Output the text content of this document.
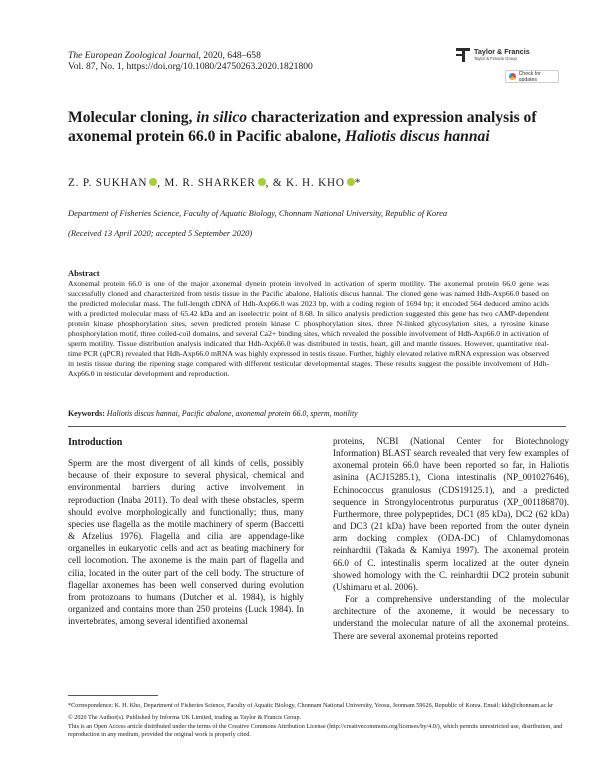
The European Zoological Journal, 2020, 648–658
Vol. 87, No. 1, https://doi.org/10.1080/24750263.2020.1821800
Taylor & Francis
Taylor & Francis Group
Check for updates
Molecular cloning, in silico characterization and expression analysis of axonemal protein 66.0 in Pacific abalone, Haliotis discus hannai
Z. P. SUKHAN , M. R. SHARKER , & K. H. KHO *
Department of Fisheries Science, Faculty of Aquatic Biology, Chonnam National University, Republic of Korea
(Received 13 April 2020; accepted 5 September 2020)
Abstract

Axonemal protein 66.0 is one of the major axonemal dynein protein involved in activation of sperm motility. The axonemal protein 66.0 gene was successfully cloned and characterized from testis tissue in the Pacific abalone, Haliotis discus hannai. The cloned gene was named Hdh-Axp66.0 based on the predicted molecular mass. The full-length cDNA of Hdh-Axp66.0 was 2023 bp, with a coding region of 1694 bp; it encoded 564 deduced amino acids with a predicted molecular mass of 65.42 kDa and an isoelectric point of 8.68. In silico analysis prediction suggested this gene has two cAMP-dependent protein kinase phosphorylation sites, seven predicted protein kinase C phosphorylation sites, three N-linked glycosylation sites, a tyrosine kinase phosphorylation motif, three coiled-coil domains, and several Ca2+ binding sites, which revealed the possible involvement of Hdh-Axp66.0 in activation of sperm motility. Tissue distribution analysis indicated that Hdh-Axp66.0 was distributed in testis, heart, gill and mantle tissues. However, quantitative real-time PCR (qPCR) revealed that Hdh-Axp66.0 mRNA was highly expressed in testis tissue. Further, highly elevated relative mRNA expression was observed in testis tissue during the ripening stage compared with different testicular developmental stages. These results suggest the possible involvement of Hdh-Axp66.0 in testicular development and reproduction.

Keywords: Haliotis discus hannai, Pacific abalone, axonemal protein 66.0, sperm, motility
Introduction

Sperm are the most divergent of all kinds of cells, possibly because of their exposure to several physical, chemical and environmental barriers during active involvement in reproduction (Inaba 2011). To deal with these obstacles, sperm should evolve morphologically and functionally; thus, many species use flagella as the motile machinery of sperm (Baccetti & Afzelius 1976). Flagella and cilia are appendage-like organelles in eukaryotic cells and act as beating machinery for cell locomotion. The axoneme is the main part of flagella and cilia, located in the outer part of the cell body. The structure of flagellar axonemes has been well conserved during evolution from protozoans to humans (Dutcher et al. 1984), is highly organized and contains more than 250 proteins (Luck 1984). In invertebrates, among several identified axonemal

proteins, NCBI (National Center for Biotechnology Information) BLAST search revealed that very few examples of axonemal protein 66.0 have been reported so far, in Haliotis asinina (ACJ15285.1), Ciona intestinalis (NP_001027646), Echinococcus granulosus (CDS19125.1), and a predicted sequence in Strongylocentrotus purpuratus (XP_001186870). Furthermore, three polypeptides, DC1 (85 kDa), DC2 (62 kDa) and DC3 (21 kDa) have been reported from the outer dynein arm docking complex (ODA-DC) of Chlamydomonas reinhardtii (Takada & Kamiya 1997). The axonemal protein 66.0 of C. intestinalis sperm localized at the outer dynein showed homology with the C. reinhardtii DC2 protein subunit (Ushimaru et al. 2006).

For a comprehensive understanding of the molecular architecture of the axoneme, it would be necessary to understand the molecular nature of all the axonemal proteins. There are several axonemal proteins reported

*Correspondence: K. H. Kho, Department of Fisheries Science, Faculty of Aquatic Biology, Chonnam National University, Yeosu, Jeonnam 59626, Republic of Korea. Email: kkh@chonnam.ac.kr
© 2020 The Author(s). Published by Informa UK Limited, trading as Taylor & Francis Group.
This is an Open Access article distributed under the terms of the Creative Commons Attribution License (http://creativecommons.org/licenses/by/4.0/), which permits unrestricted use, distribution, and reproduction in any medium, provided the original work is properly cited.
